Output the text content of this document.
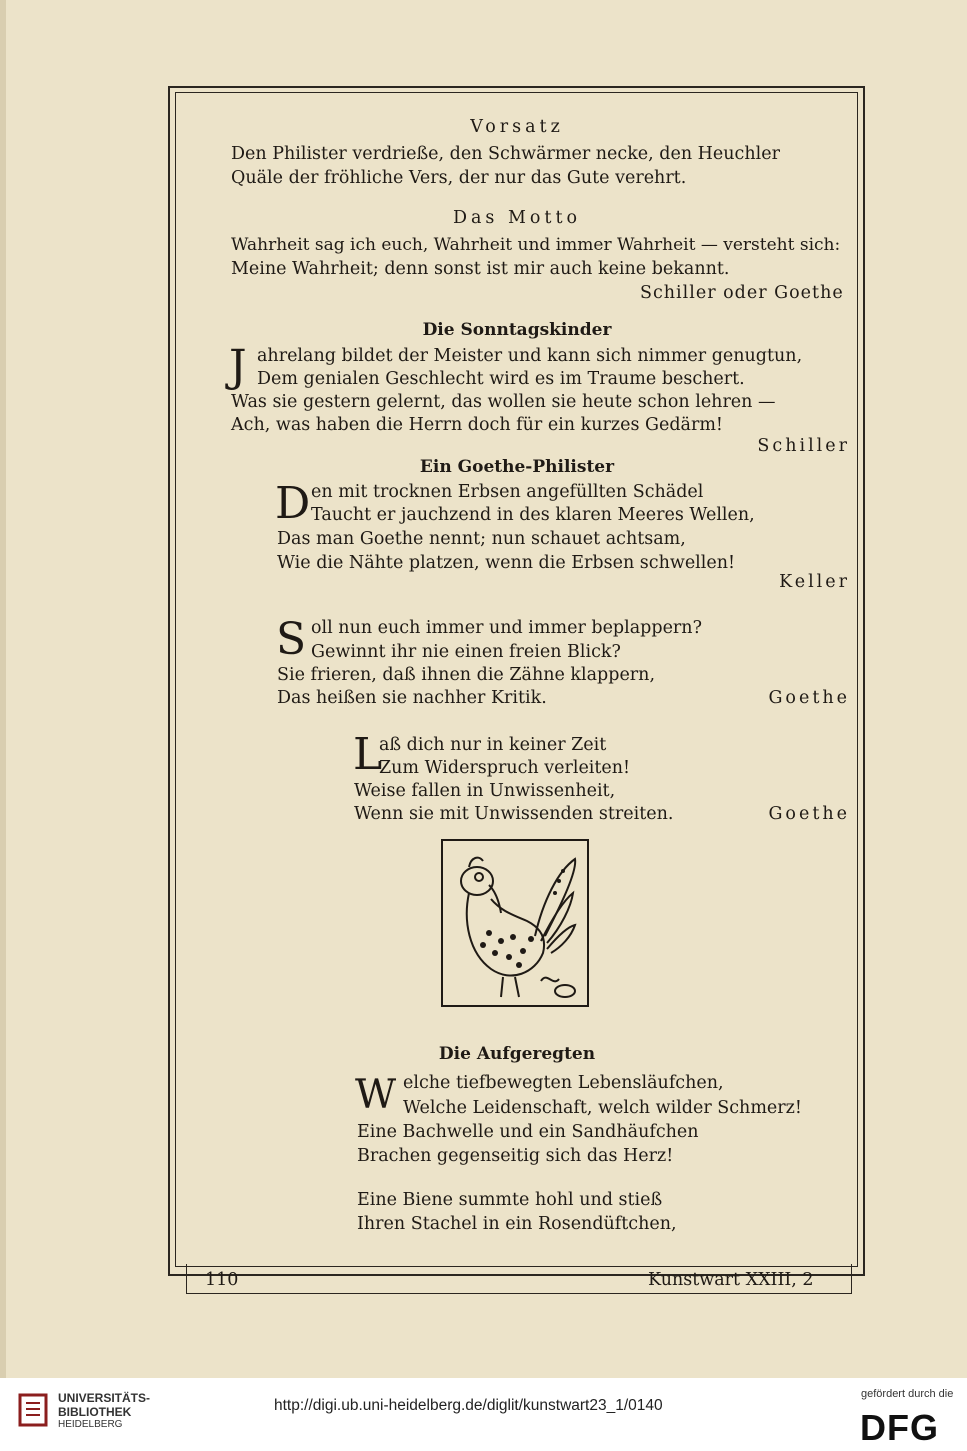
Vorsatz
Den Philister verdrieße, den Schwärmer necke, den Heuchler
Quäle der fröhliche Vers, der nur das Gute verehrt.
Das Motto
Wahrheit sag ich euch, Wahrheit und immer Wahrheit — versteht sich:
Meine Wahrheit; denn sonst ist mir auch keine bekannt.
Schiller oder Goethe
Die Sonntagskinder
J ahrelang bildet der Meister und kann sich nimmer genugtun,
Dem genialen Geschlecht wird es im Traume beschert.
Was sie gestern gelernt, das wollen sie heute schon lehren —
Ach, was haben die Herrn doch für ein kurzes Gedärm!
Schiller
Ein Goethe-Philister
D en mit trocknen Erbsen angefüllten Schädel
Taucht er jauchzend in des klaren Meeres Wellen,
Das man Goethe nennt; nun schauet achtsam,
Wie die Nähte platzen, wenn die Erbsen schwellen!
Keller
S oll nun euch immer und immer beplappern?
Gewinnt ihr nie einen freien Blick?
Sie frieren, daß ihnen die Zähne klappern,
Das heißen sie nachher Kritik.	Goethe
L
aß dich nur in keiner Zeit
Zum Widerspruch verleiten!
Weise fallen in Unwissenheit,
Wenn sie mit Unwissenden streiten.	Goethe
Die Aufgeregten
W elche tiefbewegten Lebensläufchen,
Welche Leidenschaft, welch wilder Schmerz!
Eine Bachwelle und ein Sandhäufchen
Brachen gegenseitig sich das Herz!
Eine Biene summte hohl und stieß
Ihren Stachel in ein Rosendüftchen,
110	Kunstwart XXIII, 2
UNIVERSITÄTS-
BIBLIOTHEK
HEIDELBERG
http://digi.ub.uni-heidelberg.de/diglit/kunstwart23_1/0140
gefördert durch die
DFG
